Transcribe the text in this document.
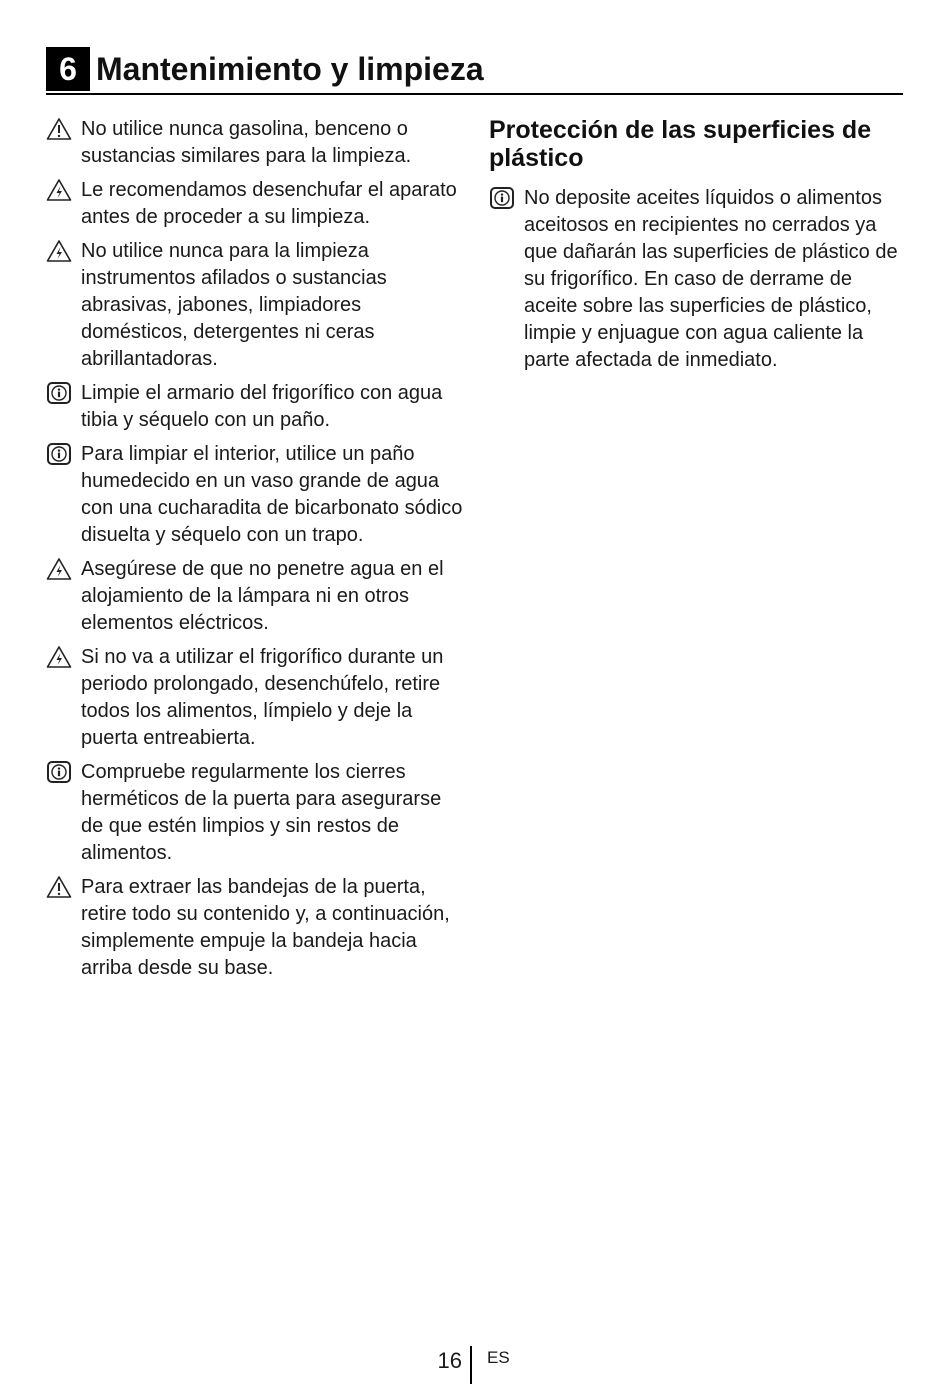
6 Mantenimiento y limpieza
No utilice nunca gasolina, benceno o sustancias similares para la limpieza.
Le recomendamos desenchufar el aparato antes de proceder a su limpieza.
No utilice nunca para la limpieza instrumentos afilados o sustancias abrasivas, jabones, limpiadores domésticos, detergentes ni ceras abrillantadoras.
Limpie el armario del frigorífico con agua tibia y séquelo con un paño.
Para limpiar el interior, utilice un paño humedecido en un vaso grande de agua con una cucharadita de bicarbonato sódico disuelta y séquelo con un trapo.
Asegúrese de que no penetre agua en el alojamiento de la lámpara ni en otros elementos eléctricos.
Si no va a utilizar el frigorífico durante un periodo prolongado, desenchúfelo, retire todos los alimentos, límpielo y deje la puerta entreabierta.
Compruebe regularmente los cierres herméticos de la puerta para asegurarse de que estén limpios y sin restos de alimentos.
Para extraer las bandejas de la puerta, retire todo su contenido y, a continuación, simplemente empuje la bandeja hacia arriba desde su base.
Protección de las superficies de plástico
No deposite aceites líquidos o alimentos aceitosos en recipientes no cerrados ya que dañarán las superficies de plástico de su frigorífico. En caso de derrame de aceite sobre las superficies de plástico, limpie y enjuague con agua caliente la parte afectada de inmediato.
16 ES
